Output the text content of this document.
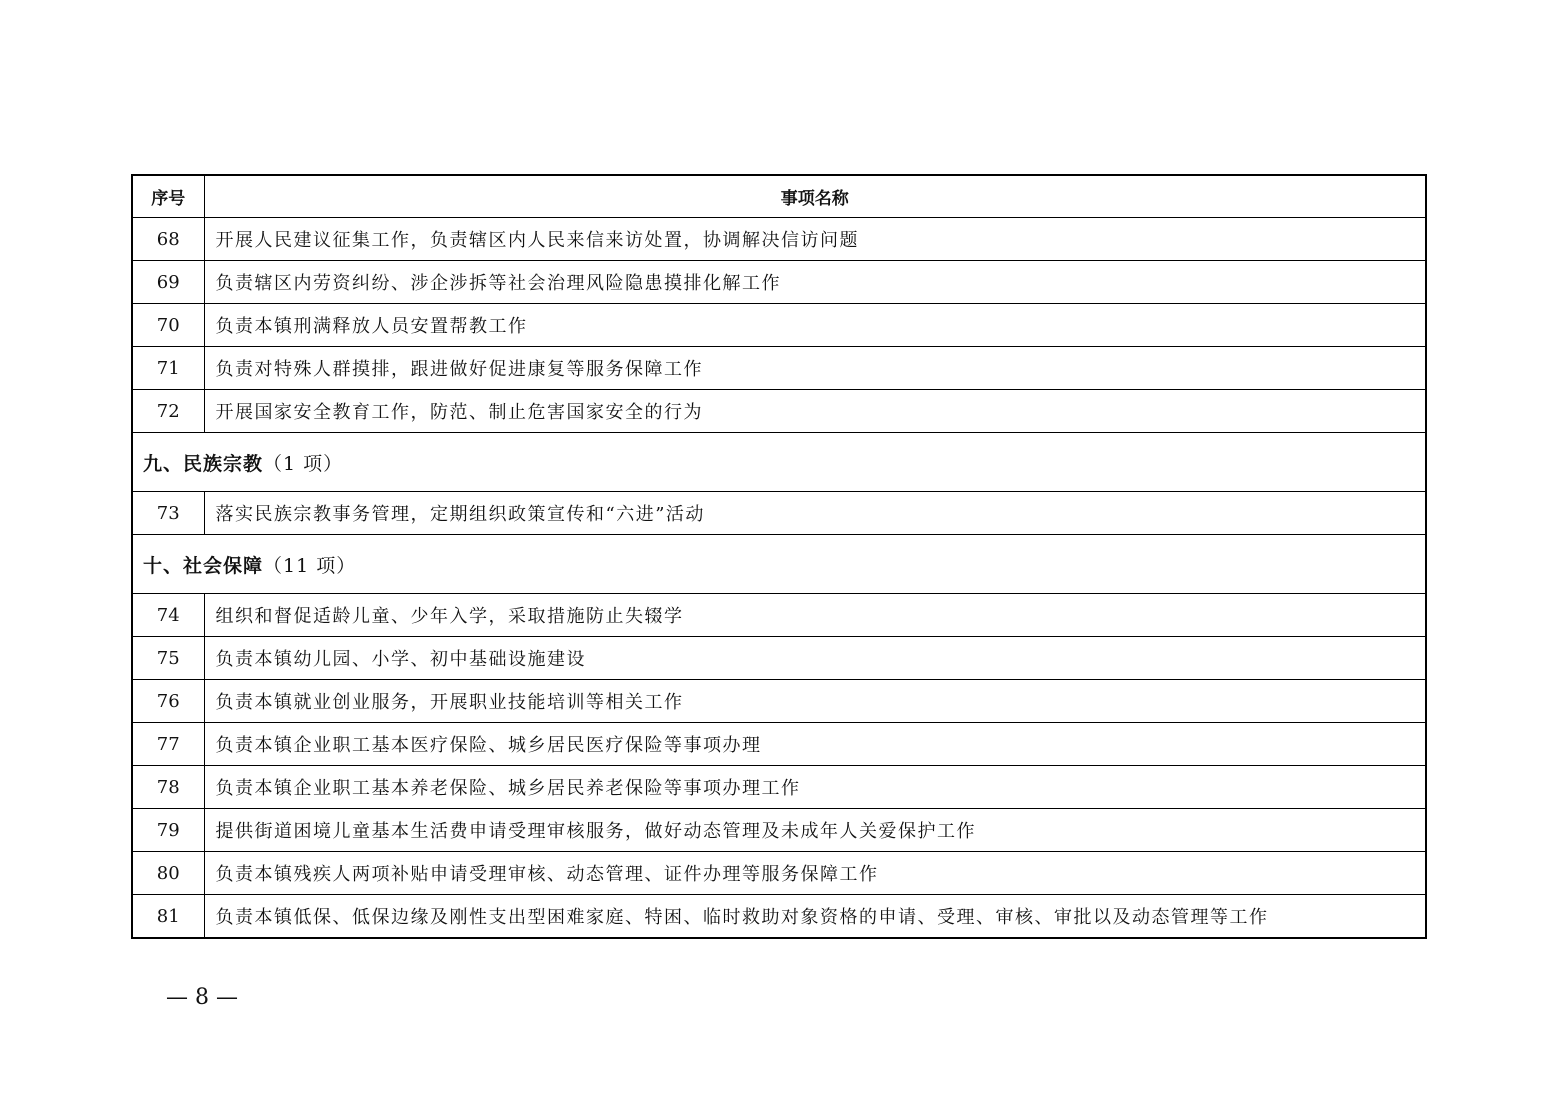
序号	事项名称
68	开展人民建议征集工作，负责辖区内人民来信来访处置，协调解决信访问题
69	负责辖区内劳资纠纷、涉企涉拆等社会治理风险隐患摸排化解工作
70	负责本镇刑满释放人员安置帮教工作
71	负责对特殊人群摸排，跟进做好促进康复等服务保障工作
72	开展国家安全教育工作，防范、制止危害国家安全的行为
九、民族宗教（1 项）	
73	落实民族宗教事务管理，定期组织政策宣传和“六进”活动
十、社会保障（11 项）	
74	组织和督促适龄儿童、少年入学，采取措施防止失辍学
75	负责本镇幼儿园、小学、初中基础设施建设
76	负责本镇就业创业服务，开展职业技能培训等相关工作
77	负责本镇企业职工基本医疗保险、城乡居民医疗保险等事项办理
78	负责本镇企业职工基本养老保险、城乡居民养老保险等事项办理工作
79	提供街道困境儿童基本生活费申请受理审核服务，做好动态管理及未成年人关爱保护工作
80	负责本镇残疾人两项补贴申请受理审核、动态管理、证件办理等服务保障工作
81	负责本镇低保、低保边缘及刚性支出型困难家庭、特困、临时救助对象资格的申请、受理、审核、审批以及动态管理等工作
— 8 —
